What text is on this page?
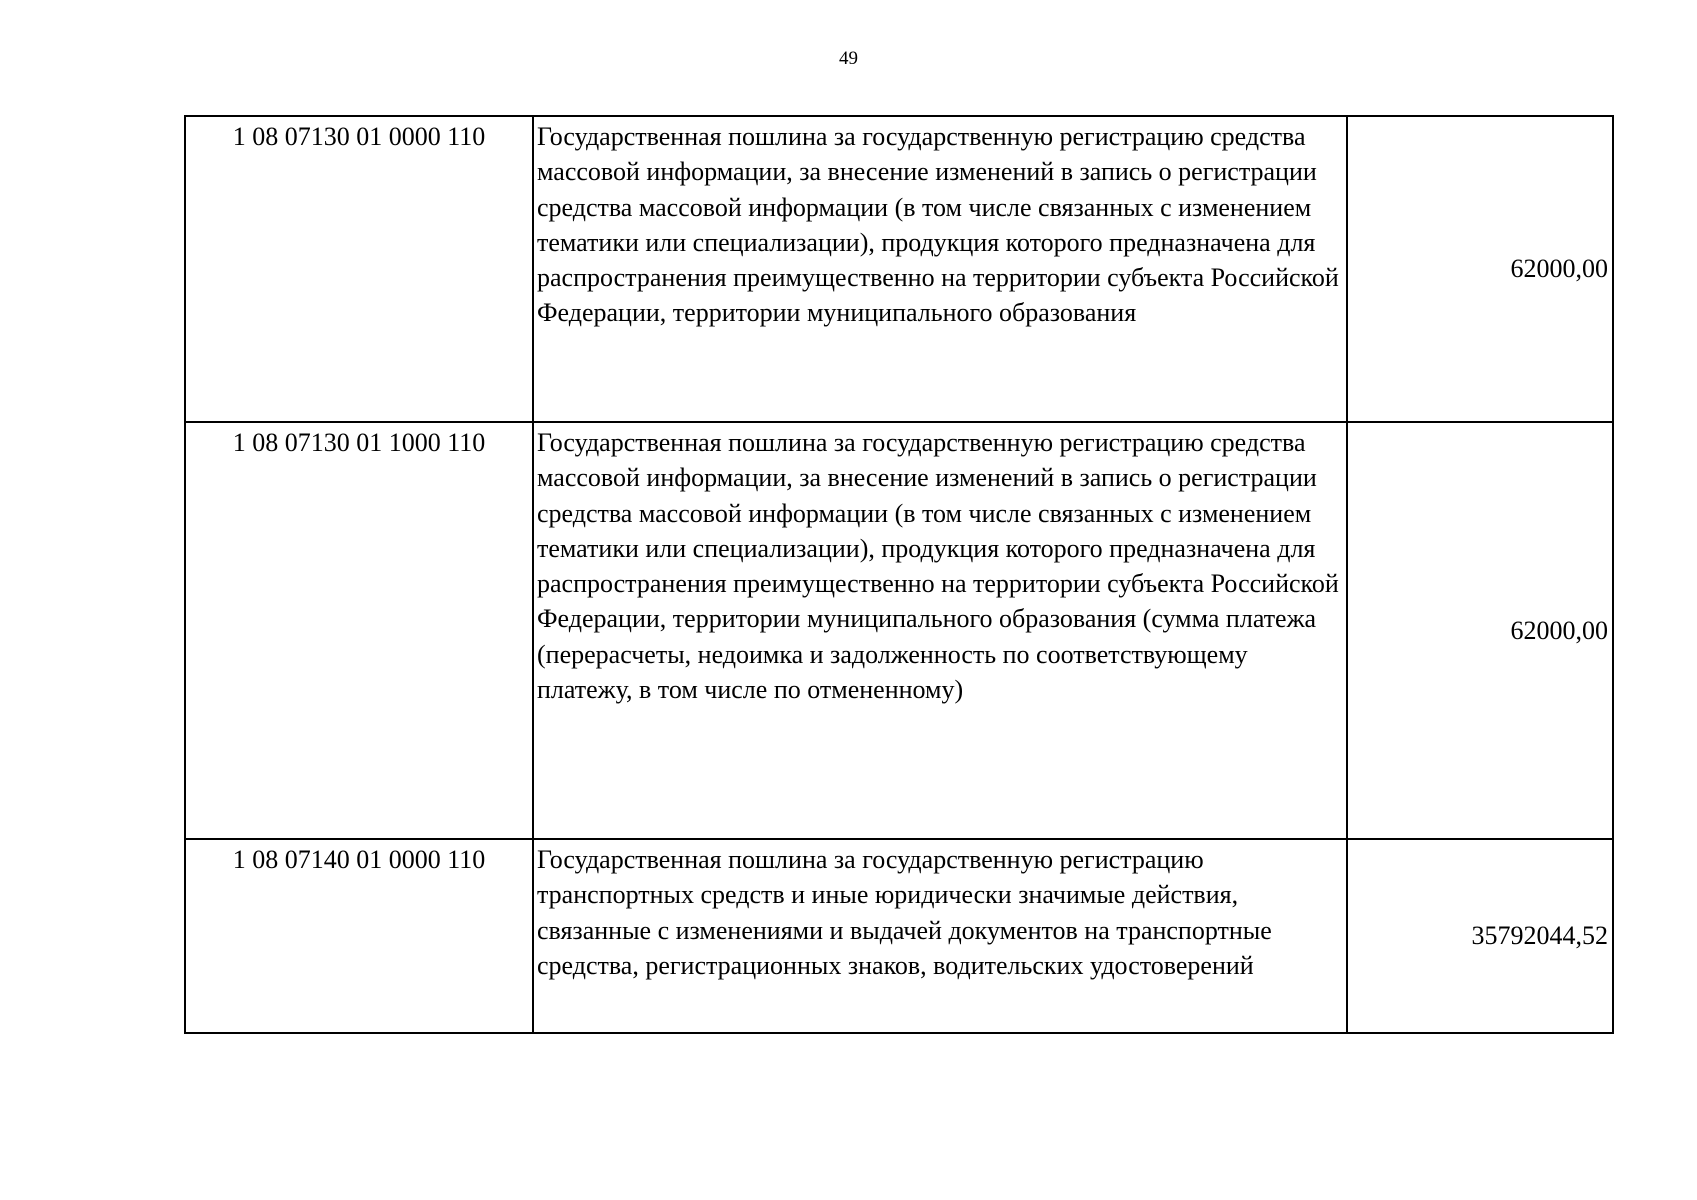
49
1 08 07130 01 0000 110	Государственная пошлина за государственную регистрацию средства массовой информации, за внесение изменений в запись о регистрации средства массовой информации (в том числе связанных с изменением тематики или специализации), продукция которого предназначена для распространения преимущественно на территории субъекта Российской Федерации, территории муниципального образования	62000,00
1 08 07130 01 1000 110	Государственная пошлина за государственную регистрацию средства массовой информации, за внесение изменений в запись о регистрации средства массовой информации (в том числе связанных с изменением тематики или специализации), продукция которого предназначена для распространения преимущественно на территории субъекта Российской Федерации, территории муниципального образования (сумма платежа (перерасчеты, недоимка и задолженность по соответствующему платежу, в том числе по отмененному)	62000,00
1 08 07140 01 0000 110	Государственная пошлина за государственную регистрацию транспортных средств и иные юридически значимые действия, связанные с изменениями и выдачей документов на транспортные средства, регистрационных знаков, водительских удостоверений	35792044,52
